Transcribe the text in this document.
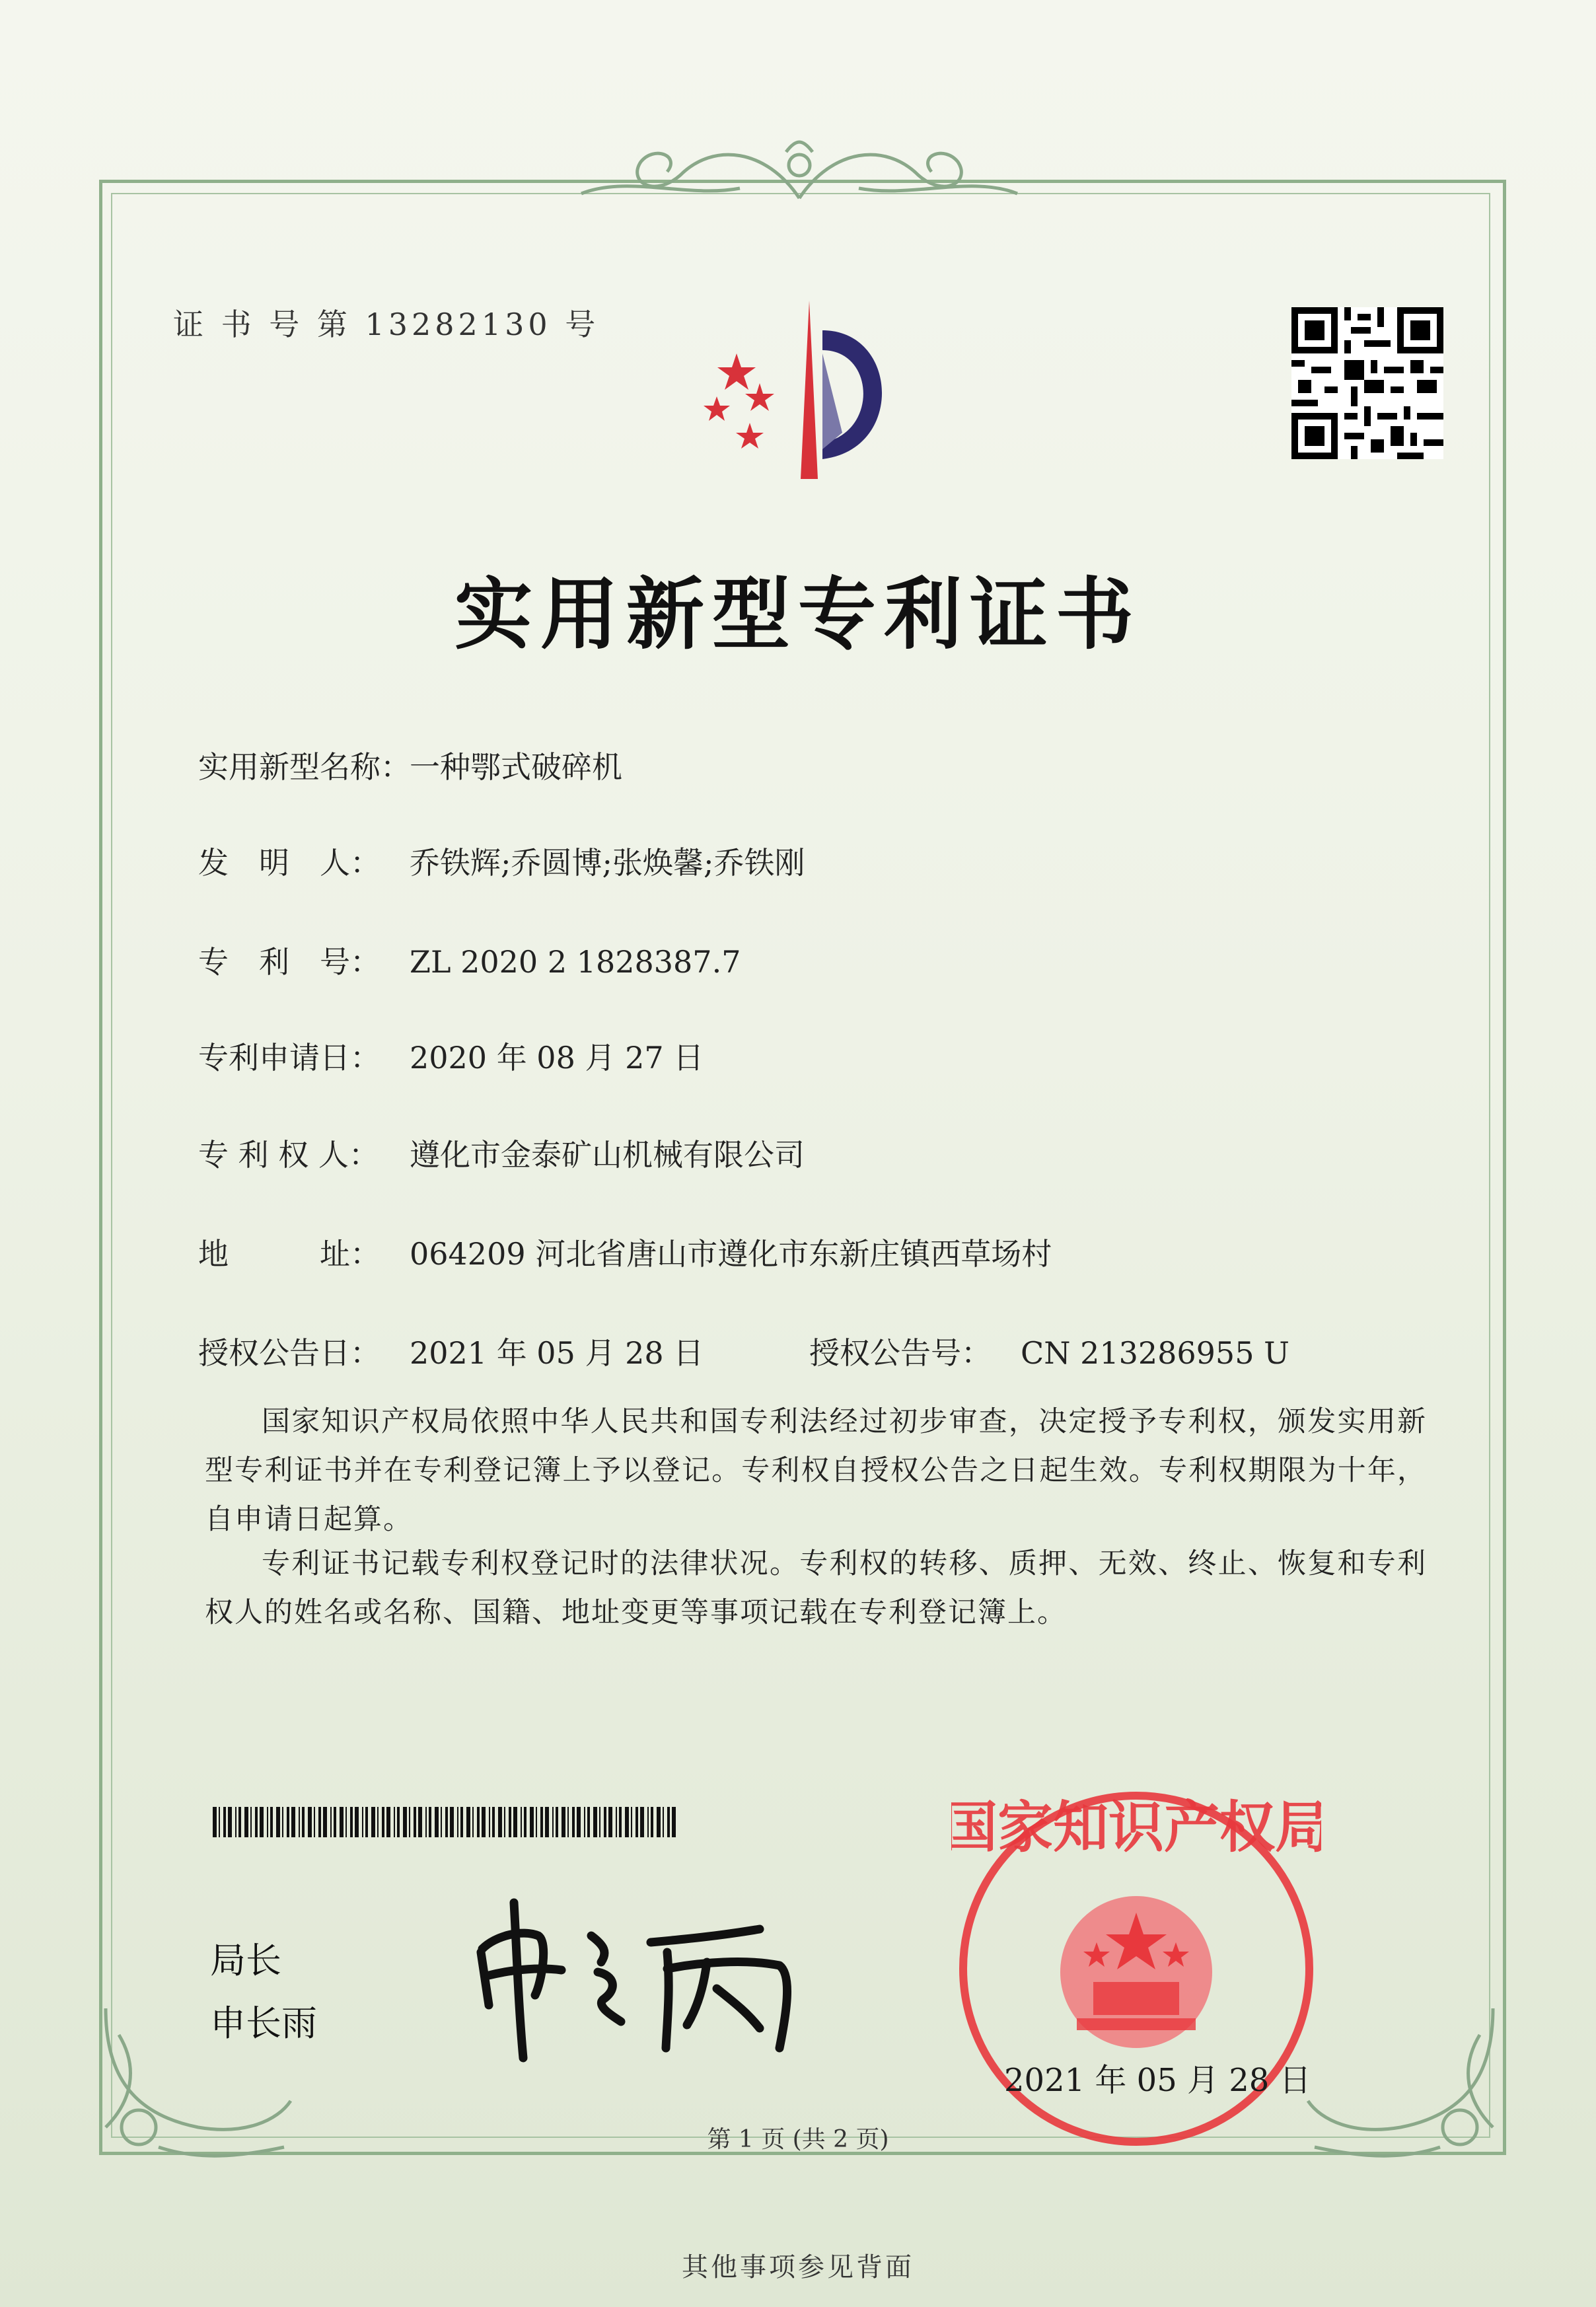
证 书 号 第 13282130 号
实用新型专利证书
实用新型名称：一种鄂式破碎机
发　明　人： 乔铁辉;乔圆博;张焕馨;乔铁刚
专　利　号： ZL 2020 2 1828387.7
专利申请日： 2020 年 08 月 27 日
专 利 权 人： 遵化市金泰矿山机械有限公司
地　　　址： 064209 河北省唐山市遵化市东新庄镇西草场村
授权公告日： 2021 年 05 月 28 日	授权公告号： CN 213286955 U
国家知识产权局依照中华人民共和国专利法经过初步审查，决定授予专利权，颁发实用新型专利证书并在专利登记簿上予以登记。专利权自授权公告之日起生效。专利权期限为十年，自申请日起算。
专利证书记载专利权登记时的法律状况。专利权的转移、质押、无效、终止、恢复和专利权人的姓名或名称、国籍、地址变更等事项记载在专利登记簿上。
局长
申长雨
国家知识产权局
2021 年 05 月 28 日
第 1 页 (共 2 页)
其他事项参见背面
